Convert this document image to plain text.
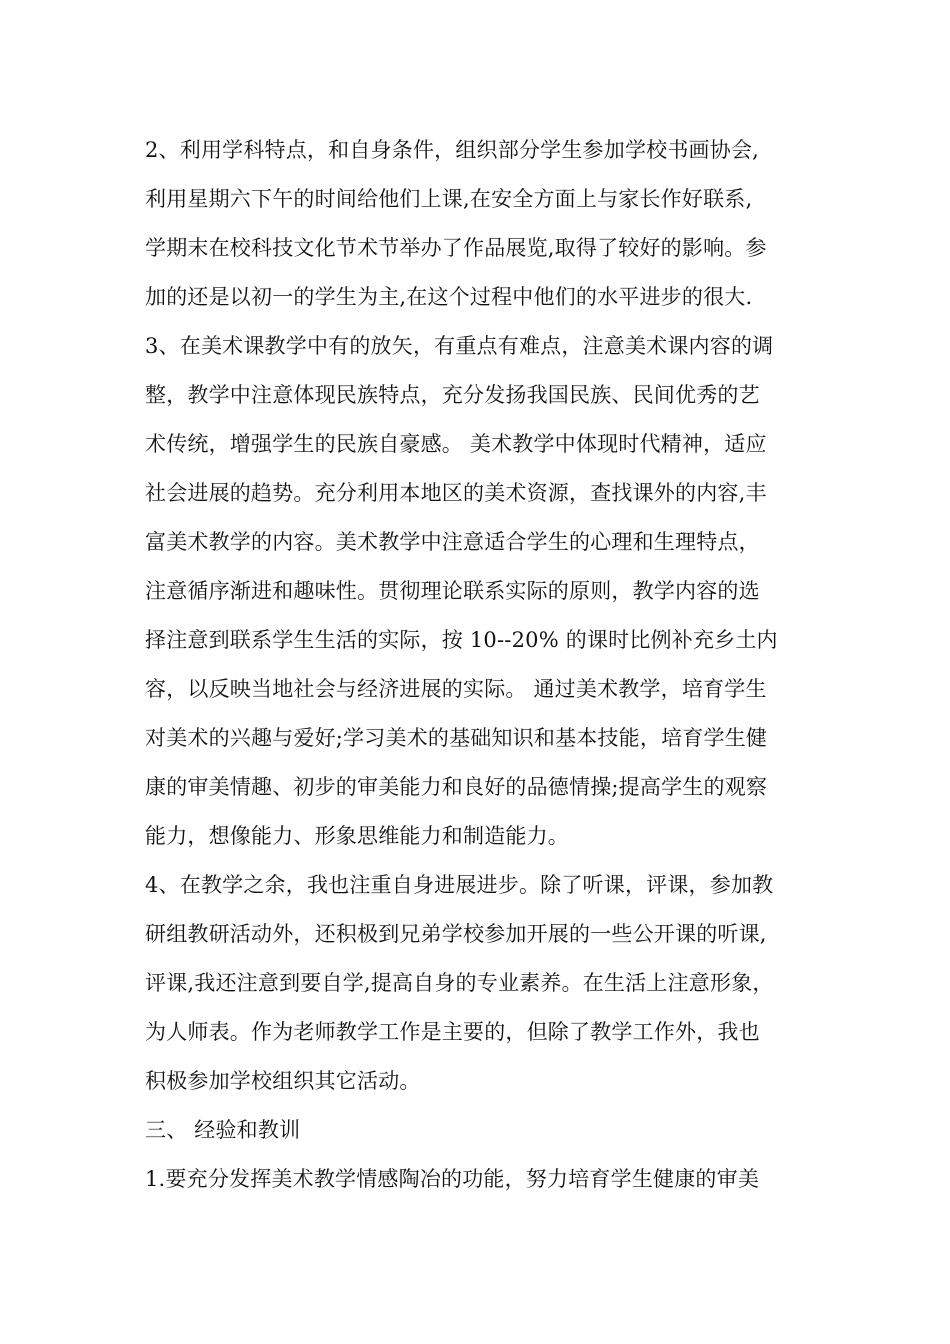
2、利用学科特点，和自身条件，组织部分学生参加学校书画协会,
利用星期六下午的时间给他们上课,在安全方面上与家长作好联系,
学期末在校科技文化节术节举办了作品展览,取得了较好的影响。参
加的还是以初一的学生为主,在这个过程中他们的水平进步的很大.
3、在美术课教学中有的放矢，有重点有难点，注意美术课内容的调
整，教学中注意体现民族特点，充分发扬我国民族、民间优秀的艺
术传统，增强学生的民族自豪感。 美术教学中体现时代精神，适应
社会进展的趋势。充分利用本地区的美术资源，查找课外的内容,丰
富美术教学的内容。美术教学中注意适合学生的心理和生理特点，
注意循序渐进和趣味性。贯彻理论联系实际的原则，教学内容的选
择注意到联系学生生活的实际，按 10--20% 的课时比例补充乡土内
容，以反映当地社会与经济进展的实际。 通过美术教学，培育学生
对美术的兴趣与爱好;学习美术的基础知识和基本技能，培育学生健
康的审美情趣、初步的审美能力和良好的品德情操;提高学生的观察
能力，想像能力、形象思维能力和制造能力。
4、在教学之余，我也注重自身进展进步。除了听课，评课，参加教
研组教研活动外，还积极到兄弟学校参加开展的一些公开课的听课,
评课,我还注意到要自学,提高自身的专业素养。在生活上注意形象，
为人师表。作为老师教学工作是主要的，但除了教学工作外，我也
积极参加学校组织其它活动。
三、 经验和教训
1.要充分发挥美术教学情感陶冶的功能，努力培育学生健康的审美
